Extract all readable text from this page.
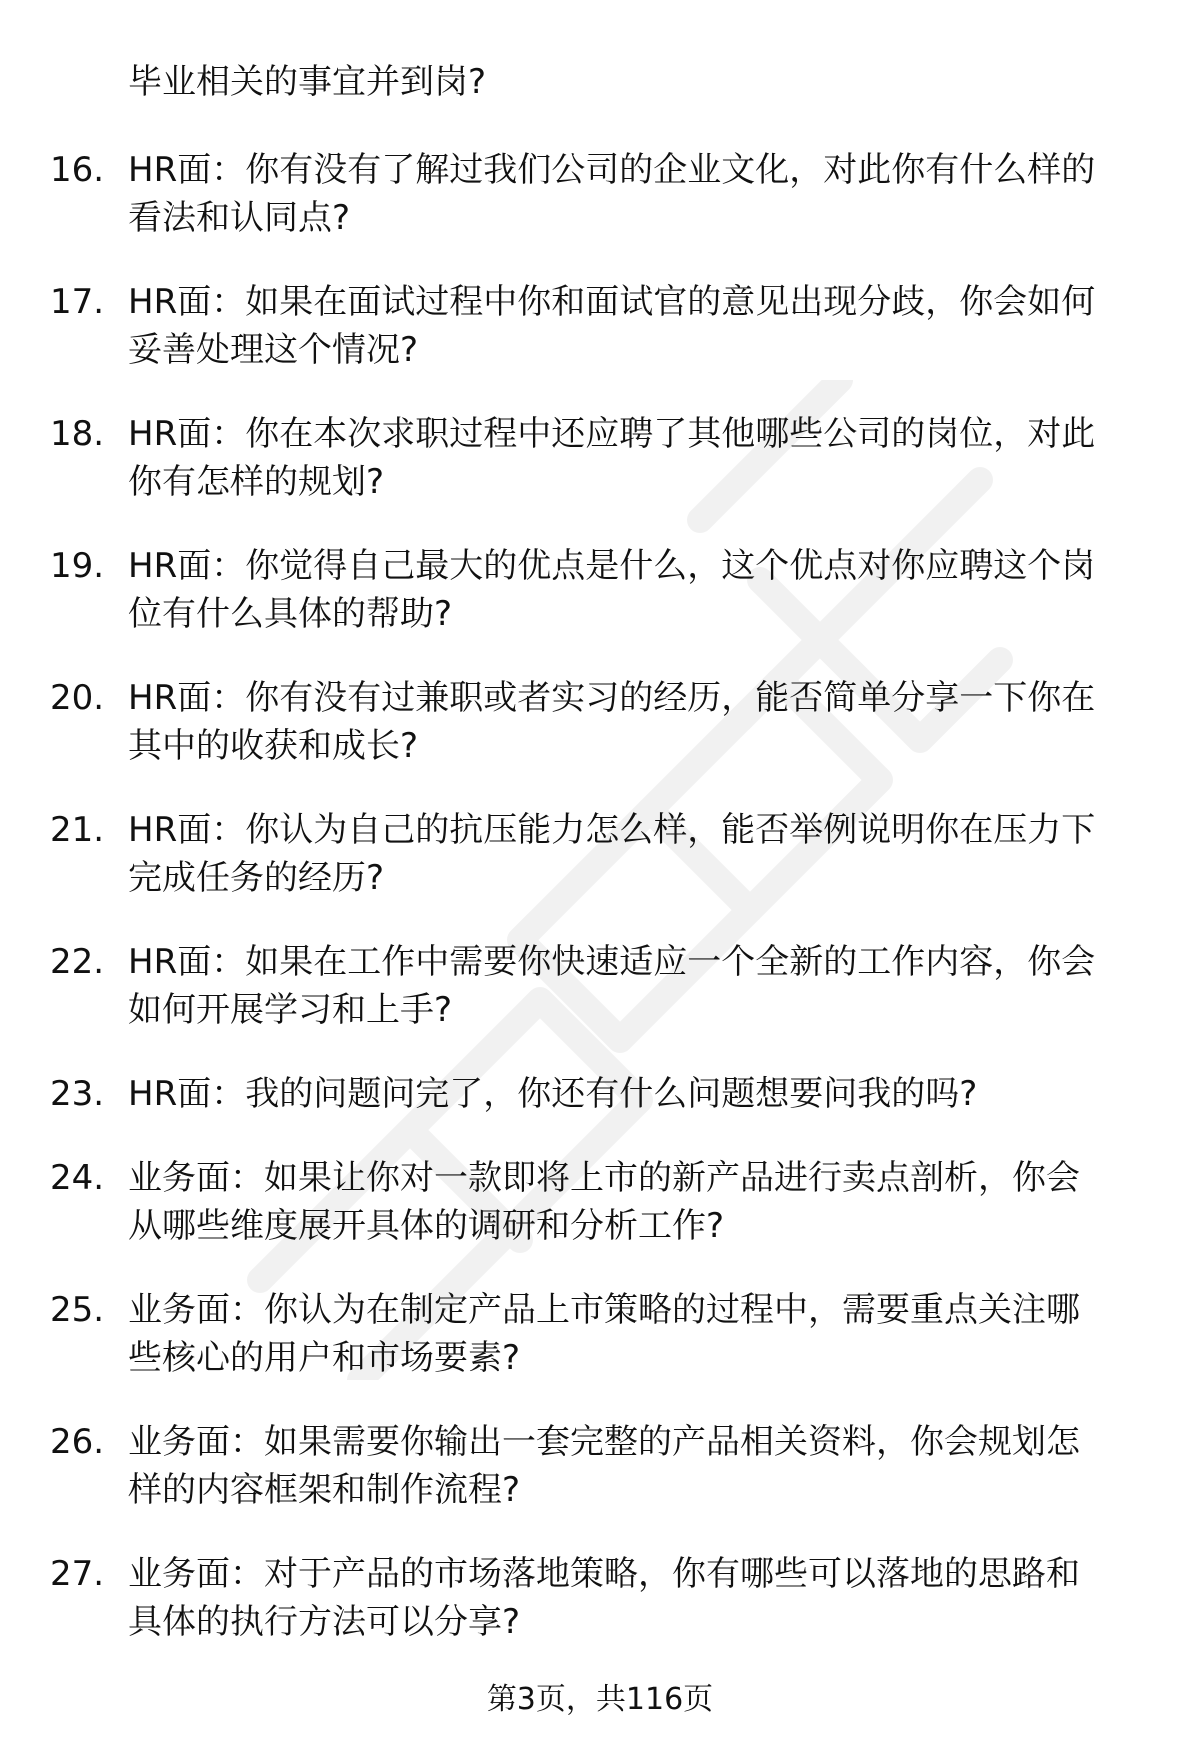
毕业相关的事宜并到岗?
16. HR面：你有没有了解过我们公司的企业文化，对此你有什么样的
看法和认同点?
17. HR面：如果在面试过程中你和面试官的意见出现分歧，你会如何
妥善处理这个情况?
18. HR面：你在本次求职过程中还应聘了其他哪些公司的岗位，对此
你有怎样的规划?
19. HR面：你觉得自己最大的优点是什么，这个优点对你应聘这个岗
位有什么具体的帮助?
20. HR面：你有没有过兼职或者实习的经历，能否简单分享一下你在
其中的收获和成长?
21. HR面：你认为自己的抗压能力怎么样，能否举例说明你在压力下
完成任务的经历?
22. HR面：如果在工作中需要你快速适应一个全新的工作内容，你会
如何开展学习和上手?
23. HR面：我的问题问完了，你还有什么问题想要问我的吗?
24. 业务面：如果让你对一款即将上市的新产品进行卖点剖析，你会
从哪些维度展开具体的调研和分析工作?
25. 业务面：你认为在制定产品上市策略的过程中，需要重点关注哪
些核心的用户和市场要素?
26. 业务面：如果需要你输出一套完整的产品相关资料，你会规划怎
样的内容框架和制作流程?
27. 业务面：对于产品的市场落地策略，你有哪些可以落地的思路和
具体的执行方法可以分享?
第3页，共116页
